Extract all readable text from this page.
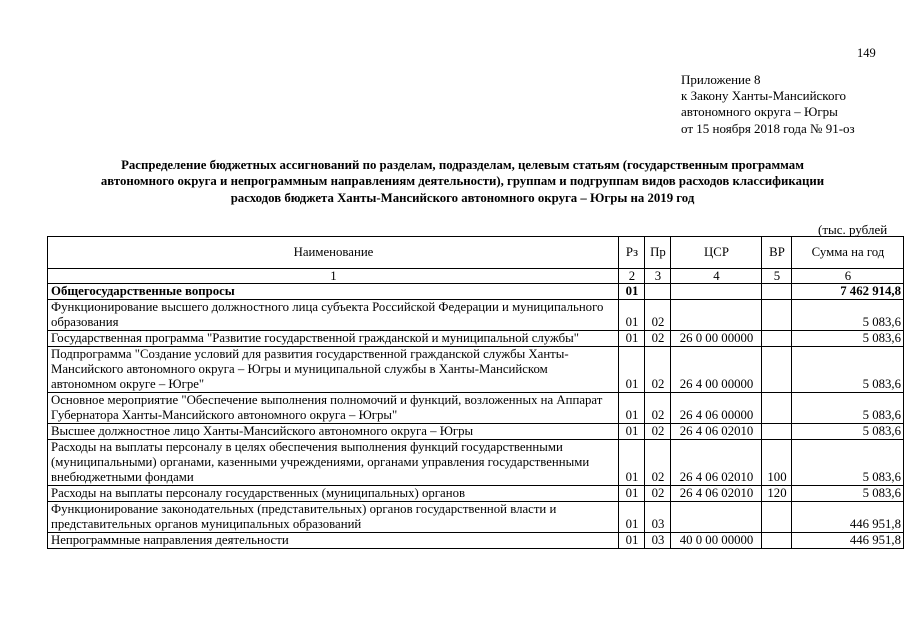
149
Приложение 8
к Закону Ханты-Мансийского
автономного округа – Югры
от 15 ноября 2018 года № 91-оз
Распределение бюджетных ассигнований по разделам, подразделам, целевым статьям (государственным программам
автономного округа и непрограммным направлениям деятельности), группам и подгруппам видов расходов классификации
расходов бюджета Ханты-Мансийского автономного округа – Югры на 2019 год
(тыс. рублей
Наименование	Рз	Пр	ЦСР	ВР	Сумма на год
1	2	3	4	5	6
Общегосударственные вопросы	01				7 462 914,8
Функционирование высшего должностного лица субъекта Российской Федерации и муниципального образования	01	02			5 083,6
Государственная программа "Развитие государственной гражданской и муниципальной службы"	01	02	26 0 00 00000		5 083,6
Подпрограмма "Создание условий для развития государственной гражданской службы Ханты-Мансийского автономного округа – Югры и муниципальной службы в Ханты-Мансийском автономном округе – Югре"	01	02	26 4 00 00000		5 083,6
Основное мероприятие "Обеспечение выполнения полномочий и функций, возложенных на Аппарат Губернатора Ханты-Мансийского автономного округа – Югры"	01	02	26 4 06 00000		5 083,6
Высшее должностное лицо Ханты-Мансийского автономного округа – Югры	01	02	26 4 06 02010		5 083,6
Расходы на выплаты персоналу в целях обеспечения выполнения функций государственными (муниципальными) органами, казенными учреждениями, органами управления государственными внебюджетными фондами	01	02	26 4 06 02010	100	5 083,6
Расходы на выплаты персоналу государственных (муниципальных) органов	01	02	26 4 06 02010	120	5 083,6
Функционирование законодательных (представительных) органов государственной власти и представительных органов муниципальных образований	01	03			446 951,8
Непрограммные направления деятельности	01	03	40 0 00 00000		446 951,8
